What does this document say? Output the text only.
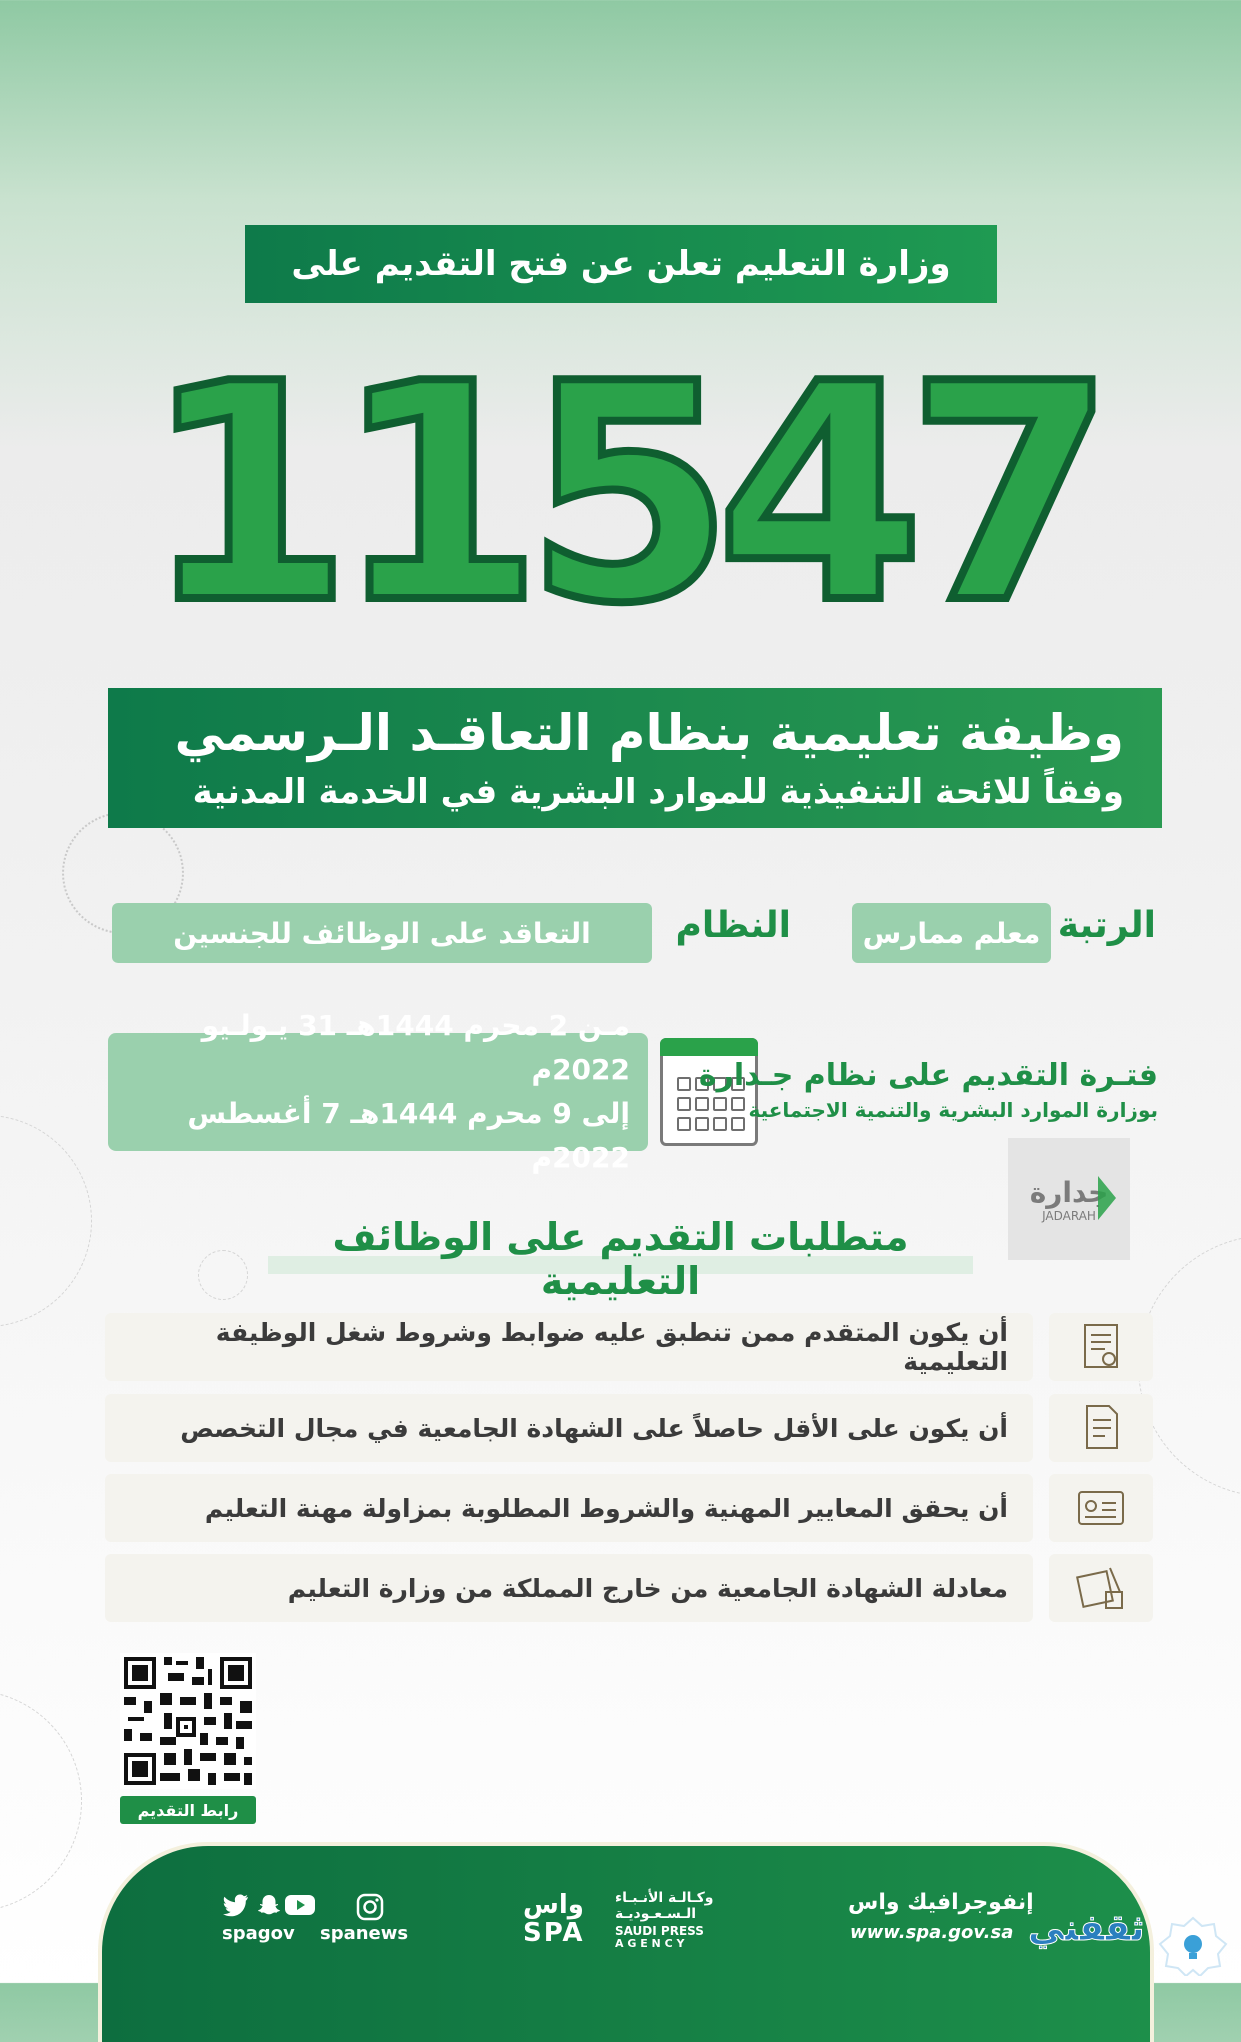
وزارة التعليم تعلن عن فتح التقديم على
11547
وظيفة تعليمية بنظام التعاقـد الـرسمي
وفقاً للائحة التنفيذية للموارد البشرية في الخدمة المدنية
الرتبة
معلم ممارس
النظام
التعاقد على الوظائف للجنسين
مـن 2 محرم 1444هـ 31 يـولـيو 2022م
إلى 9 محرم 1444هـ 7 أغسطس 2022م
فتـرة التقديم على نظام جـدارة
بوزارة الموارد البشرية والتنمية الاجتماعية
جدارة
JADARAH
متطلبات التقديم على الوظائف التعليمية
أن يكون المتقدم ممن تنطبق عليه ضوابط وشروط شغل الوظيفة التعليمية
أن يكون على الأقل حاصلاً على الشهادة الجامعية في مجال التخصص
أن يحقق المعايير المهنية والشروط المطلوبة بمزاولة مهنة التعليم
معادلة الشهادة الجامعية من خارج المملكة من وزارة التعليم
رابط التقديم
spagov spanews
واس
SPA
وكـالـة الأنـبـاء
الـسـعـوديـة
SAUDI PRESS
A G E N C Y
إنفوجرافيك واس
www.spa.gov.sa ثقفني
